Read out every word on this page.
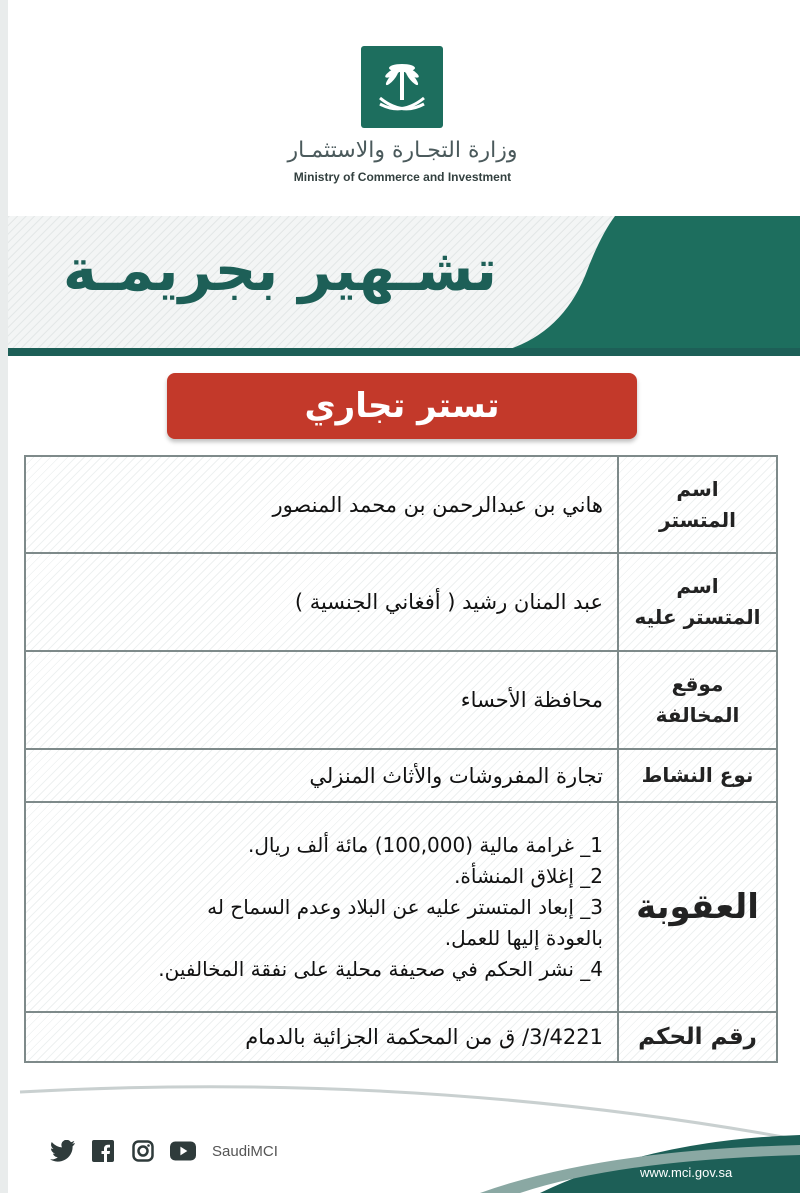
وزارة التجـارة والاستثمـار
Ministry of Commerce and Investment
تشـهير بجريمـة
تستر تجاري
اسم
المتستر	هاني بن عبدالرحمن بن محمد المنصور

اسم
المتستر عليه	عبد المنان رشيد ( أفغاني الجنسية )

موقع
المخالفة	محافظة الأحساء

نوع النشاط	تجارة المفروشات والأثاث المنزلي
العقوبة	1_ غرامة مالية (100,000) مائة ألف ريال.
2_ إغلاق المنشأة.
3_ إبعاد المتستر عليه عن البلاد وعدم السماح له
بالعودة إليها للعمل.
4_ نشر الحكم في صحيفة محلية على نفقة المخالفين.

رقم الحكم	3/4221/ ق من المحكمة الجزائية بالدمام
SaudiMCI
www.mci.gov.sa
